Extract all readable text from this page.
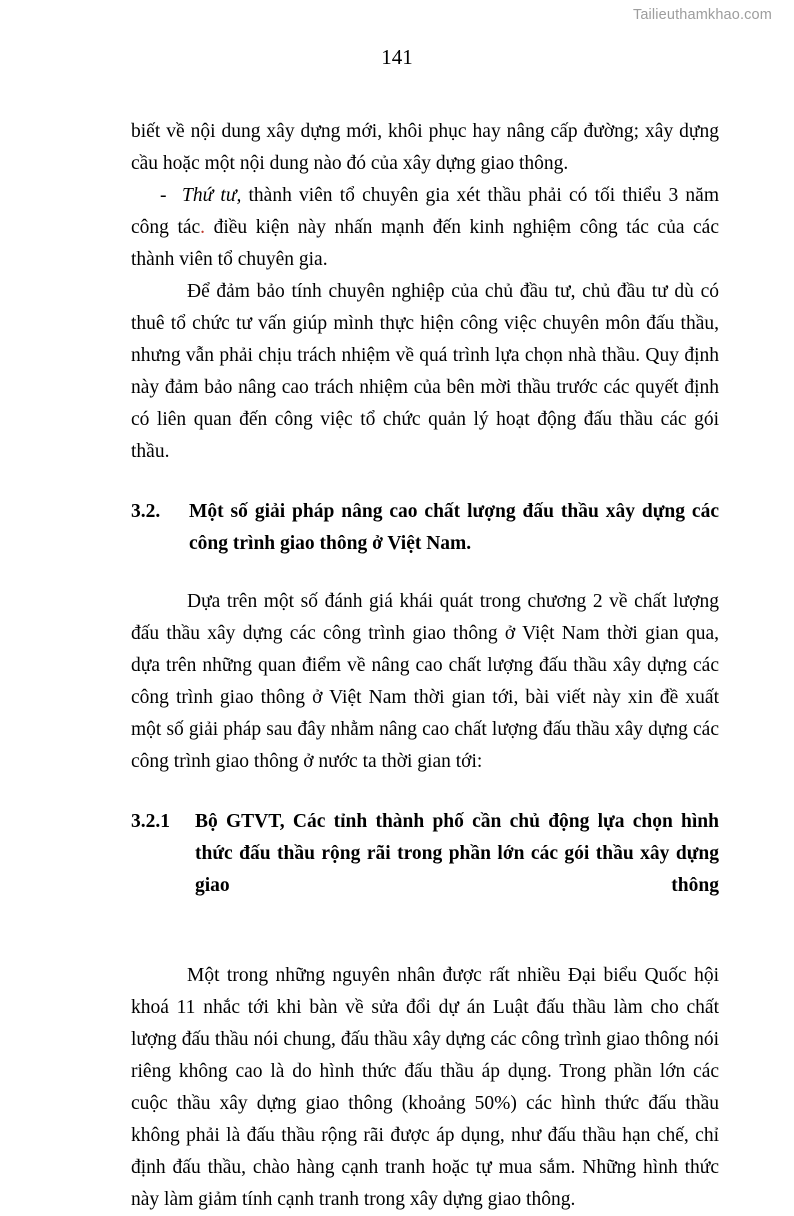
Tailieuthamkhao.com
141

biết về nội dung xây dựng mới, khôi phục hay nâng cấp đường; xây dựng cầu hoặc một nội dung nào đó của xây dựng giao thông.

- Thứ tư, thành viên tổ chuyên gia xét thầu phải có tối thiểu 3 năm công tác. điều kiện này nhấn mạnh đến kinh nghiệm công tác của các thành viên tổ chuyên gia.

Để đảm bảo tính chuyên nghiệp của chủ đầu tư, chủ đầu tư dù có thuê tổ chức tư vấn giúp mình thực hiện công việc chuyên môn đấu thầu, nhưng vẫn phải chịu trách nhiệm về quá trình lựa chọn nhà thầu. Quy định này đảm bảo nâng cao trách nhiệm của bên mời thầu trước các quyết định có liên quan đến công việc tổ chức quản lý hoạt động đấu thầu các gói thầu.

3.2.	Một số giải pháp nâng cao chất lượng đấu thầu xây dựng các công trình giao thông ở Việt Nam.

Dựa trên một số đánh giá khái quát trong chương 2 về chất lượng đấu thầu xây dựng các công trình giao thông ở Việt Nam thời gian qua, dựa trên những quan điểm về nâng cao chất lượng đấu thầu xây dựng các công trình giao thông ở Việt Nam thời gian tới, bài viết này xin đề xuất một số giải pháp sau đây nhằm nâng cao chất lượng đấu thầu xây dựng các công trình giao thông ở nước ta thời gian tới:

3.2.1	Bộ GTVT, Các tỉnh thành phố cần chủ động lựa chọn hình thức đấu thầu rộng rãi trong phần lớn các gói thầu xây dựng giao thông

Một trong những nguyên nhân được rất nhiều Đại biểu Quốc hội khoá 11 nhắc tới khi bàn về sửa đổi dự án Luật đấu thầu làm cho chất lượng đấu thầu nói chung, đấu thầu xây dựng các công trình giao thông nói riêng không cao là do hình thức đấu thầu áp dụng. Trong phần lớn các cuộc thầu xây dựng giao thông (khoảng 50%) các hình thức đấu thầu không phải là đấu thầu rộng rãi được áp dụng, như đấu thầu hạn chế, chỉ định đấu thầu, chào hàng cạnh tranh hoặc tự mua sắm. Những hình thức này làm giảm tính cạnh tranh trong xây dựng giao thông.
